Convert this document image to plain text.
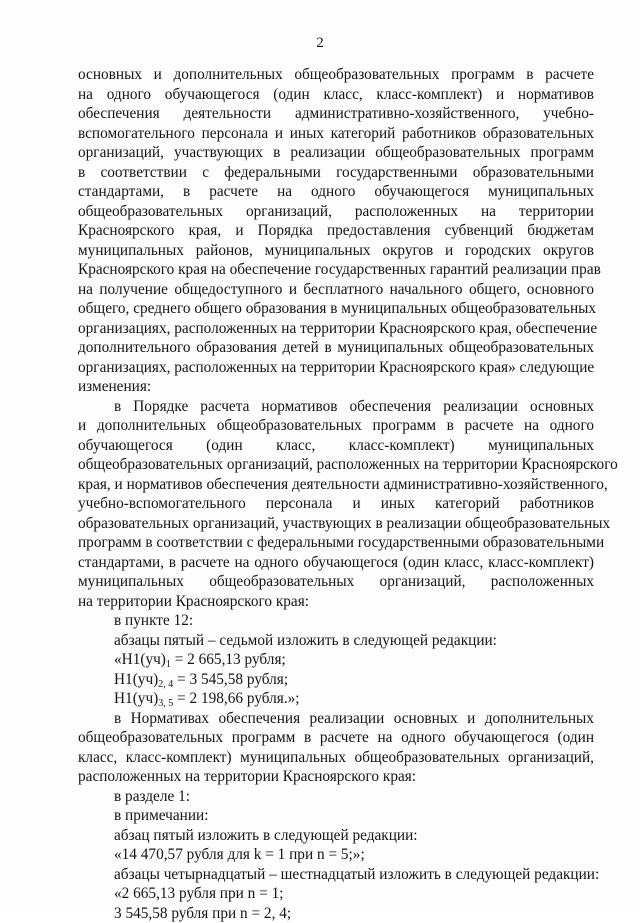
2
основных и дополнительных общеобразовательных программ в расчете
на одного обучающегося (один класс, класс-комплект) и нормативов
обеспечения деятельности административно-хозяйственного, учебно-
вспомогательного персонала и иных категорий работников образовательных
организаций, участвующих в реализации общеобразовательных программ
в соответствии с федеральными государственными образовательными
стандартами, в расчете на одного обучающегося муниципальных
общеобразовательных организаций, расположенных на территории
Красноярского края, и Порядка предоставления субвенций бюджетам
муниципальных районов, муниципальных округов и городских округов
Красноярского края на обеспечение государственных гарантий реализации прав
на получение общедоступного и бесплатного начального общего, основного
общего, среднего общего образования в муниципальных общеобразовательных
организациях, расположенных на территории Красноярского края, обеспечение
дополнительного образования детей в муниципальных общеобразовательных
организациях, расположенных на территории Красноярского края» следующие
изменения:
в Порядке расчета нормативов обеспечения реализации основных
и дополнительных общеобразовательных программ в расчете на одного
обучающегося (один класс, класс-комплект) муниципальных
общеобразовательных организаций, расположенных на территории Красноярского
края, и нормативов обеспечения деятельности административно-хозяйственного,
учебно-вспомогательного персонала и иных категорий работников
образовательных организаций, участвующих в реализации общеобразовательных
программ в соответствии с федеральными государственными образовательными
стандартами, в расчете на одного обучающегося (один класс, класс-комплект)
муниципальных общеобразовательных организаций, расположенных
на территории Красноярского края:
в пункте 12:
абзацы пятый – седьмой изложить в следующей редакции:
«$Н1(уч)_1 = 2$ 665,13 рубля;
$Н1(уч)_{2, 4} = 3$ 545,58 рубля;
$Н1(уч)_{3, 5} = 2$ 198,66 рубля.»;
в Нормативах обеспечения реализации основных и дополнительных
общеобразовательных программ в расчете на одного обучающегося (один
класс, класс-комплект) муниципальных общеобразовательных организаций,
расположенных на территории Красноярского края:
в разделе 1:
в примечании:
абзац пятый изложить в следующей редакции:
«14 470,57 рубля для k = 1 при n = 5;»;
абзацы четырнадцатый – шестнадцатый изложить в следующей редакции:
«2 665,13 рубля при n = 1;
3 545,58 рубля при n = 2, 4;
